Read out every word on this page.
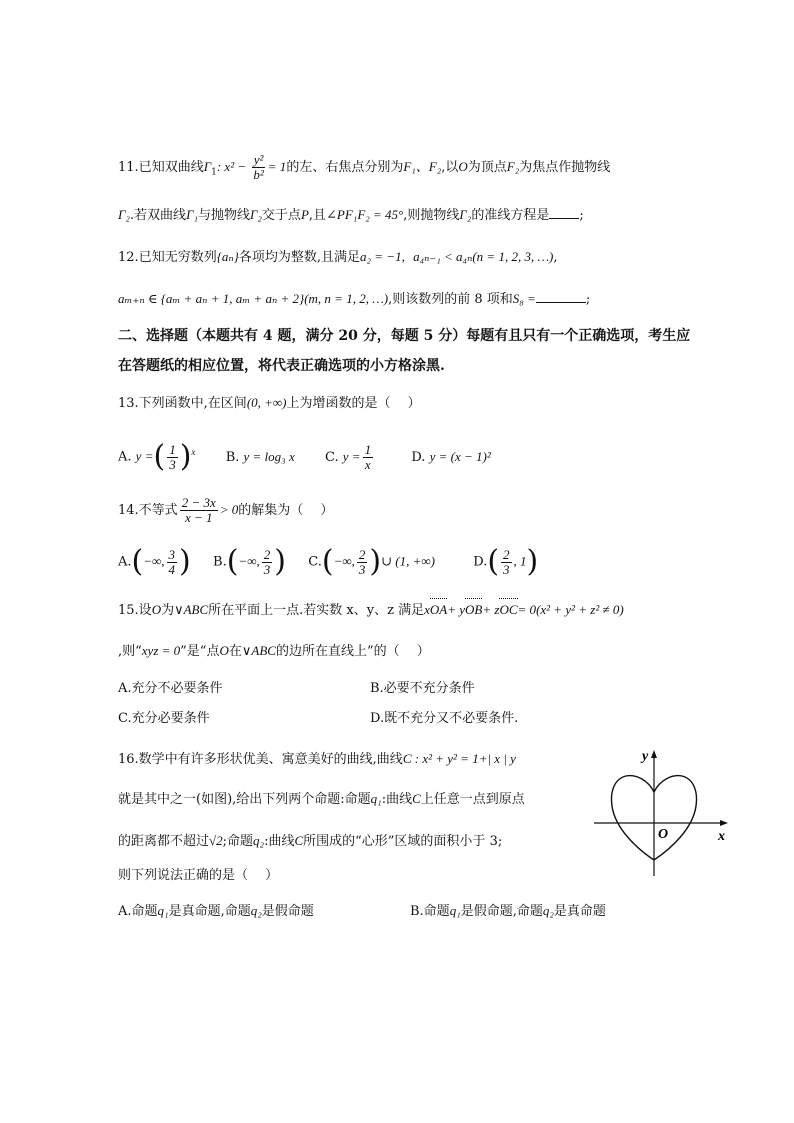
11.已知双曲线$\Gamma_1$: $x^2 - \frac{\text{y²}}{\text{b²}} = 1$的左、右焦点分别为F₁、F₂,以O为顶点F₂为焦点作抛物线
Γ₂.若双曲线Γ₁与抛物线Γ₂交于点P,且∠PF₁F₂ = 45°,则抛物线Γ₂的准线方程是 ;
12.已知无穷数列{aₙ}各项均为整数,且满足a₂ = −1, a₄ₙ₋₁ < a₄ₙ(n = 1, 2, 3, …),
aₘ₊ₙ ∈ {aₘ + aₙ + 1, aₘ + aₙ + 2}(m, n = 1, 2, …),则该数列的前 8 项和S₈ =	;
二、选择题（本题共有 4 题，满分 20 分，每题 5 分）每题有且只有一个正确选项，考生应
在答题纸的相应位置，将代表正确选项的小方格涂黑.
13.下列函数中,在区间(0, +∞)上为增函数的是（　 ）
A. y =( $\frac{1}{3} )^x$ B. y = log₃ x C. $y = \frac{1}{x}$	D. y = (x − 1)²
14.不等式 $\frac{2 - 3x}{x - 1} > 0$的解集为（　 ）
A.(−∞, $\frac{3}{4}$ ) B.(−∞, $\frac{2}{3}$ ) C.(−∞, $\frac{2}{3}$ )∪ (1, +∞)	$D.( \frac{2}{3}$ , 1)
15.设O为∨ABC所在平面上一点.若实数 x、y、z 满足xOA+ yOB+ zOC= 0(x² + y² + z² ≠ 0)
,则“xyz = 0”是“点O在∨ABC的边所在直线上”的（　 ）
A.充分不必要条件	B.必要不充分条件
C.充分必要条件	D.既不充分又不必要条件.
16.数学中有许多形状优美、寓意美好的曲线,曲线C : x² + y² = 1+| x | y
就是其中之一(如图),给出下列两个命题:命题q₁:曲线C上任意一点到原点
的距离都不超过√2;命题q₂:曲线C所围成的“心形”区域的面积小于 3;
则下列说法正确的是（　 ）
A.命题q₁是真命题,命题q₂是假命题	B.命题q₁是假命题,命题q₂是真命题
y
x
O
